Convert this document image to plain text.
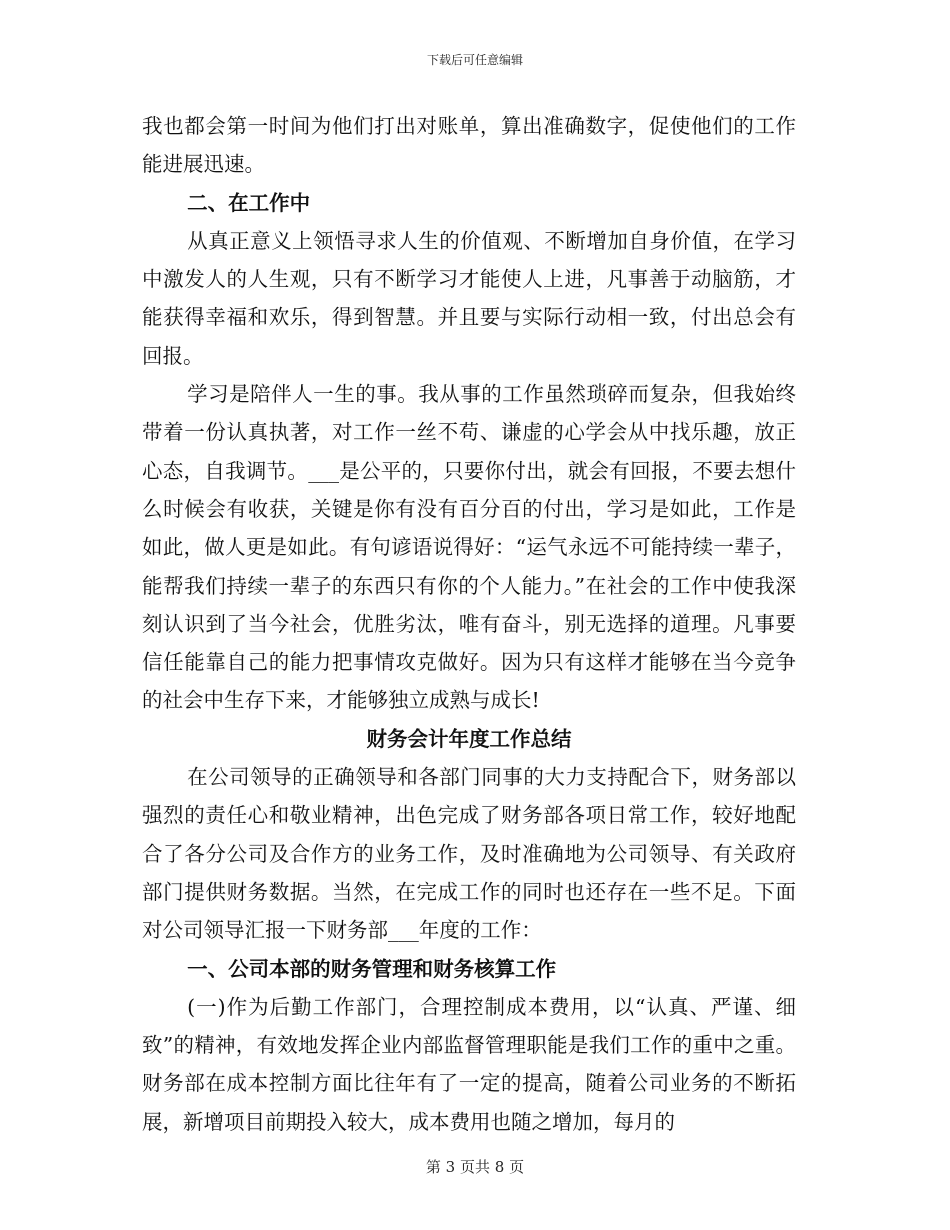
下载后可任意编辑

我也都会第一时间为他们打出对账单，算出准确数字，促使他们的工作能进展迅速。

二、在工作中

从真正意义上领悟寻求人生的价值观、不断增加自身价值，在学习中激发人的人生观，只有不断学习才能使人上进，凡事善于动脑筋，才能获得幸福和欢乐，得到智慧。并且要与实际行动相一致，付出总会有回报。

学习是陪伴人一生的事。我从事的工作虽然琐碎而复杂，但我始终带着一份认真执著，对工作一丝不苟、谦虚的心学会从中找乐趣，放正心态，自我调节。___是公平的，只要你付出，就会有回报，不要去想什么时候会有收获，关键是你有没有百分百的付出，学习是如此，工作是如此，做人更是如此。有句谚语说得好：“运气永远不可能持续一辈子，能帮我们持续一辈子的东西只有你的个人能力。”在社会的工作中使我深刻认识到了当今社会，优胜劣汰，唯有奋斗，别无选择的道理。凡事要信任能靠自己的能力把事情攻克做好。因为只有这样才能够在当今竞争的社会中生存下来，才能够独立成熟与成长!

财务会计年度工作总结

在公司领导的正确领导和各部门同事的大力支持配合下，财务部以强烈的责任心和敬业精神，出色完成了财务部各项日常工作，较好地配合了各分公司及合作方的业务工作，及时准确地为公司领导、有关政府部门提供财务数据。当然，在完成工作的同时也还存在一些不足。下面对公司领导汇报一下财务部___年度的工作：

一、公司本部的财务管理和财务核算工作

(一)作为后勤工作部门，合理控制成本费用，以“认真、严谨、细致”的精神，有效地发挥企业内部监督管理职能是我们工作的重中之重。财务部在成本控制方面比往年有了一定的提高，随着公司业务的不断拓展，新增项目前期投入较大，成本费用也随之增加，每月的

第 3 页共 8 页
